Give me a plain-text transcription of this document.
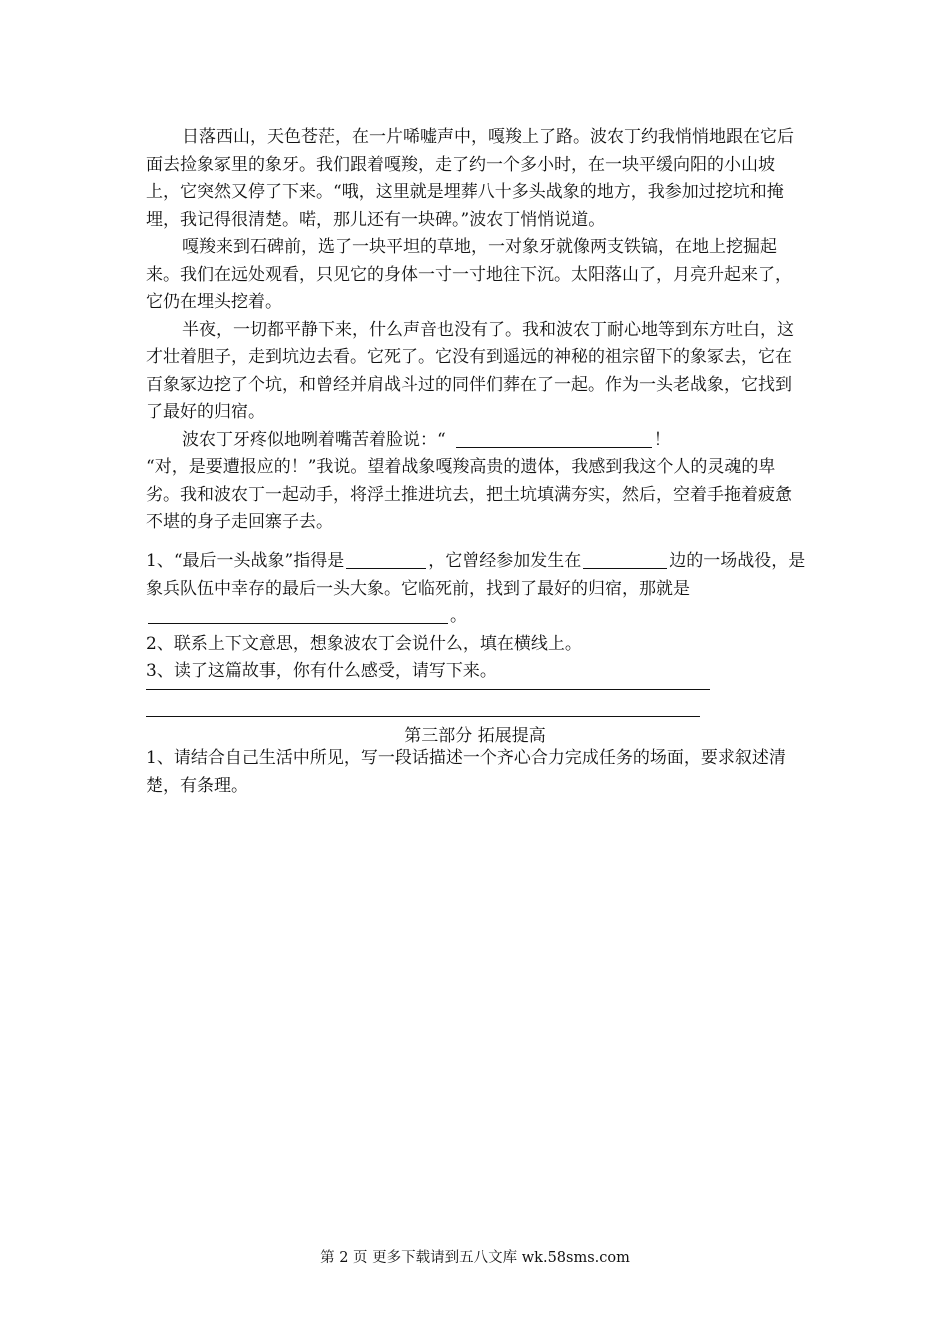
日落西山，天色苍茫，在一片唏嘘声中，嘎羧上了路。波农丁约我悄悄地跟在它后面去捡象冢里的象牙。我们跟着嘎羧，走了约一个多小时，在一块平缓向阳的小山坡上，它突然又停了下来。“哦，这里就是埋葬八十多头战象的地方，我参加过挖坑和掩埋，我记得很清楚。喏，那儿还有一块碑。”波农丁悄悄说道。

嘎羧来到石碑前，选了一块平坦的草地，一对象牙就像两支铁镐，在地上挖掘起来。我们在远处观看，只见它的身体一寸一寸地往下沉。太阳落山了，月亮升起来了，它仍在埋头挖着。

半夜，一切都平静下来，什么声音也没有了。我和波农丁耐心地等到东方吐白，这才壮着胆子，走到坑边去看。它死了。它没有到遥远的神秘的祖宗留下的象冢去，它在百象冢边挖了个坑，和曾经并肩战斗过的同伴们葬在了一起。作为一头老战象，它找到了最好的归宿。

波农丁牙疼似地咧着嘴苦着脸说：“	！

“对，是要遭报应的！”我说。望着战象嘎羧高贵的遗体，我感到我这个人的灵魂的卑劣。我和波农丁一起动手，将浮土推进坑去，把土坑填满夯实，然后，空着手拖着疲惫不堪的身子走回寨子去。

1、“最后一头战象”指得是	，它曾经参加发生在	边的一场战役，是象兵队伍中幸存的最后一头大象。它临死前，找到了最好的归宿，那就是。

2、联系上下文意思，想象波农丁会说什么，填在横线上。

3、读了这篇故事，你有什么感受，请写下来。

第三部分 拓展提高

1、请结合自己生活中所见，写一段话描述一个齐心合力完成任务的场面，要求叙述清楚，有条理。

第 2 页 更多下载请到五八文库 wk.58sms.com
